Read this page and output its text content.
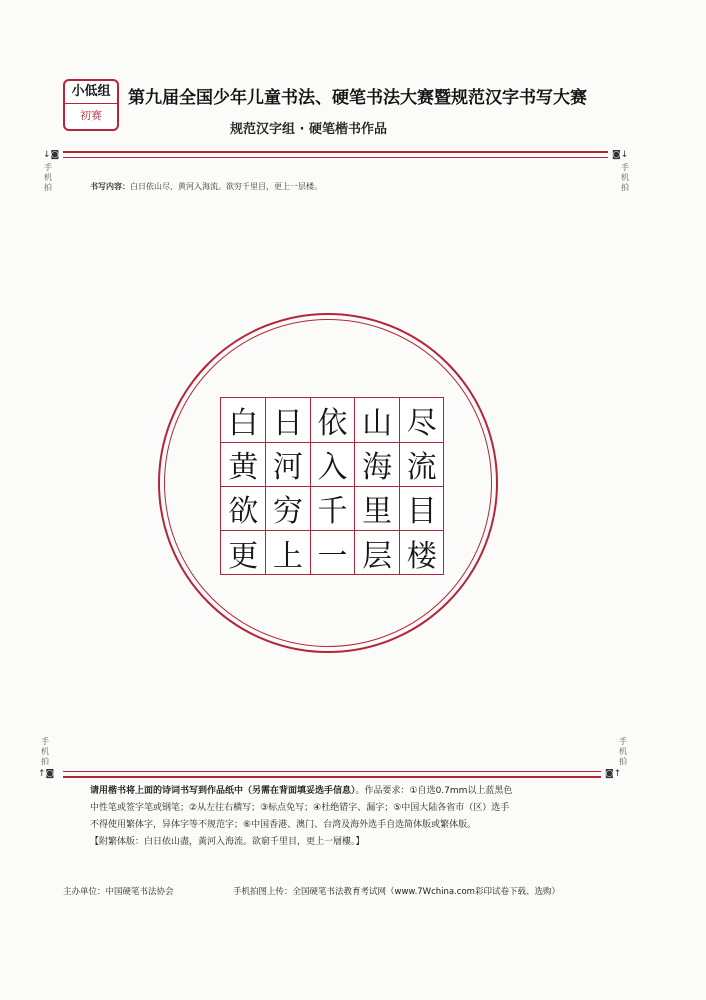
小低组
初赛
第九届全国少年儿童书法、硬笔书法大赛暨规范汉字书写大赛
规范汉字组 · 硬笔楷书作品
↓◙	◙↓
手
机
拍
手
机
拍
书写内容：白日依山尽，黄河入海流。欲穷千里目，更上一层楼。
白 日 依 山 尽
黄 河 入 海 流
欲 穷 千 里 目
更 上 一 层 楼
手
机
拍
手
机
拍
↑◙	◙↑
请用楷书将上面的诗词书写到作品纸中（另需在背面填妥选手信息）。作品要求：①自选0.7mm以上蓝黑色
中性笔或签字笔或钢笔；②从左往右横写；③标点免写；④杜绝错字、漏字；⑤中国大陆各省市（区）选手
不得使用繁体字，异体字等不规范字；⑥中国香港、澳门、台湾及海外选手自选简体版或繁体版。
【附繁体版：白日依山盡，黃河入海流。欲窮千里目，更上一層樓。】
主办单位：中国硬笔书法协会	手机拍图上传：全国硬笔书法教育考试网（www.7Wchina.com彩印试卷下载、选购）
